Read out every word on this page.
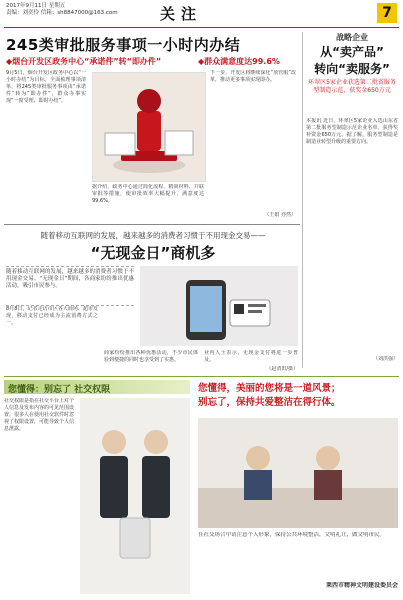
2017年9月11日 星期五
责编：刘奕伶 信箱：sh8847000@163.com	关注	7
245类审批服务事项一小时内办结
◆烟台开发区政务中心“承诺件”转“即办件”	◆群众满意度达99.6%
9月5日，烟台开发区政务中心以“一小时办结”为目标，全面梳理事项清单，将245类审批服务事项由“承诺件”转为“即办件”，群众办事实现“一窗受理、即时办结”。
据介绍，政务中心通过简化流程、精简材料、并联审批等措施，使审批效率大幅提升，满意度达99.6%。
下一步，开发区将继续深化“放管服”改革，推动更多事项实现即办。
（王娟 亦然）
战略企业
从“卖产品”
转向“卖服务”
环翠区5家企业获选第二批省服务型制造示范，获奖金650万元
本报讯 近日，环翠区5家企业入选山东省第二批服务型制造示范企业名单，获得奖补资金650万元。据了解，服务型制造是制造业转型升级的重要方向。
（刘洪强）
随着移动互联网的发展，越来越多的消费者习惯于不用现金交易——
“无现金日”商机多
随着移动互联网的发展，越来越多的消费者习惯于不用现金交易。“无现金日”期间，各商家纷纷推出优惠活动，吸引市民参与。
8月8日，记者走访市区各大商场、超市发现，移动支付已经成为主流消费方式之一。
商家纷纷推出各种优惠活动，不少市民体验到便捷的同时也享受到了实惠。
业内人士表示，无现金支付将进一步普及。
（赵清田/摄）
您懂得：别忘了 社交权限
社交权限是指在社交平台上对个人信息及发布内容的可见范围设置。很多人在使用社交软件时忽视了权限设置，可能导致个人信息泄露。
您懂得，美丽的您将是一道风景；
别忘了，保持共爱整洁在得行体。
在社交场合中请注意个人形象，保持公共环境整洁，文明礼让，做文明市民。
莱西市精神文明建设委员会
